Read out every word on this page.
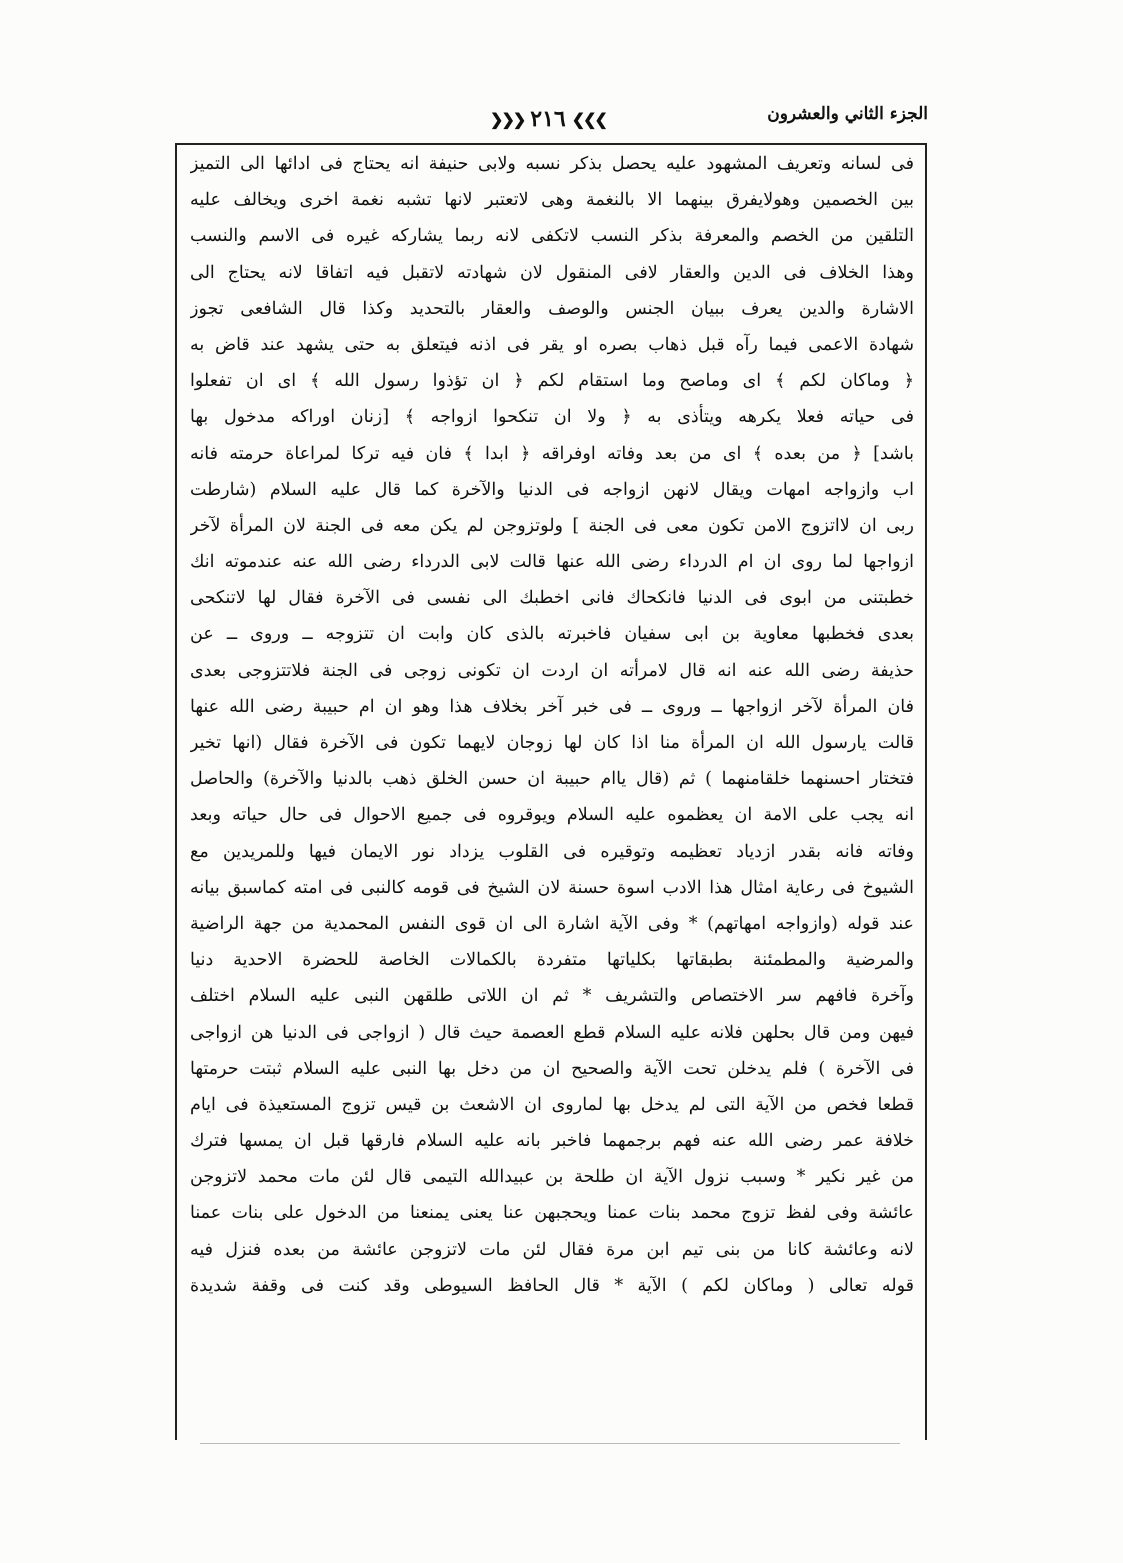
الجزء الثاني والعشرون
❯❯❯
٢١٦
❮❮❮
فى لسانه وتعريف المشهود عليه يحصل بذكر نسبه ولابى حنيفة انه يحتاج فى ادائها الى التميز
بين الخصمين وهولايفرق بينهما الا بالنغمة وهى لاتعتبر لانها تشبه نغمة اخرى ويخالف عليه
التلقين من الخصم والمعرفة بذكر النسب لاتكفى لانه ربما يشاركه غيره فى الاسم والنسب
وهذا الخلاف فى الدين والعقار لافى المنقول لان شهادته لاتقبل فيه اتفاقا لانه يحتاج الى
الاشارة والدين يعرف ببيان الجنس والوصف والعقار بالتحديد وكذا قال الشافعى تجوز
شهادة الاعمى فيما رآه قبل ذهاب بصره او يقر فى اذنه فيتعلق به حتى يشهد عند قاض به
﴿ وماكان لكم ﴾ اى وماصح وما استقام لكم ﴿ ان تؤذوا رسول الله ﴾ اى ان تفعلوا
فى حياته فعلا يكرهه ويتأذى به ﴿ ولا ان تنكحوا ازواجه ﴾ [زنان اوراكه مدخول بها
باشد] ﴿ من بعده ﴾ اى من بعد وفاته اوفراقه ﴿ ابدا ﴾ فان فيه تركا لمراعاة حرمته فانه
اب وازواجه امهات ويقال لانهن ازواجه فى الدنيا والآخرة كما قال عليه السلام (شارطت
ربى ان لااتزوج الامن تكون معى فى الجنة ] ولوتزوجن لم يكن معه فى الجنة لان المرأة لآخر
ازواجها لما روى ان ام الدرداء رضى الله عنها قالت لابى الدرداء رضى الله عنه عندموته انك
خطبتنى من ابوى فى الدنيا فانكحاك فانى اخطبك الى نفسى فى الآخرة فقال لها لاتنكحى
بعدى فخطبها معاوية بن ابى سفيان فاخبرته بالذى كان وابت ان تتزوجه ــ وروى ــ عن
حذيفة رضى الله عنه انه قال لامرأته ان اردت ان تكونى زوجى فى الجنة فلاتتزوجى بعدى
فان المرأة لآخر ازواجها ــ وروى ــ فى خبر آخر بخلاف هذا وهو ان ام حبيبة رضى الله عنها
قالت يارسول الله ان المرأة منا اذا كان لها زوجان لايهما تكون فى الآخرة فقال (انها تخير
فتختار احسنهما خلقامنهما ) ثم (قال ياام حبيبة ان حسن الخلق ذهب بالدنيا والآخرة) والحاصل
انه يجب على الامة ان يعظموه عليه السلام ويوقروه فى جميع الاحوال فى حال حياته وبعد
وفاته فانه بقدر ازدياد تعظيمه وتوقيره فى القلوب يزداد نور الايمان فيها وللمريدين مع
الشيوخ فى رعاية امثال هذا الادب اسوة حسنة لان الشيخ فى قومه كالنبى فى امته كماسبق بيانه
عند قوله (وازواجه امهاتهم) * وفى الآية اشارة الى ان قوى النفس المحمدية من جهة الراضية
والمرضية والمطمئنة بطبقاتها بكلياتها متفردة بالكمالات الخاصة للحضرة الاحدية دنيا
وآخرة فافهم سر الاختصاص والتشريف * ثم ان اللاتى طلقهن النبى عليه السلام اختلف
فيهن ومن قال بحلهن فلانه عليه السلام قطع العصمة حيث قال ( ازواجى فى الدنيا هن ازواجى
فى الآخرة ) فلم يدخلن تحت الآية والصحيح ان من دخل بها النبى عليه السلام ثبتت حرمتها
قطعا فخص من الآية التى لم يدخل بها لماروى ان الاشعث بن قيس تزوج المستعيذة فى ايام
خلافة عمر رضى الله عنه فهم برجمهما فاخبر بانه عليه السلام فارقها قبل ان يمسها فترك
من غير نكير * وسبب نزول الآية ان طلحة بن عبيدالله التيمى قال لئن مات محمد لاتزوجن
عائشة وفى لفظ تزوج محمد بنات عمنا ويحجبهن عنا يعنى يمنعنا من الدخول على بنات عمنا
لانه وعائشة كانا من بنى تيم ابن مرة فقال لئن مات لاتزوجن عائشة من بعده فنزل فيه
قوله تعالى ( وماكان لكم ) الآية * قال الحافظ السيوطى وقد كنت فى وقفة شديدة
